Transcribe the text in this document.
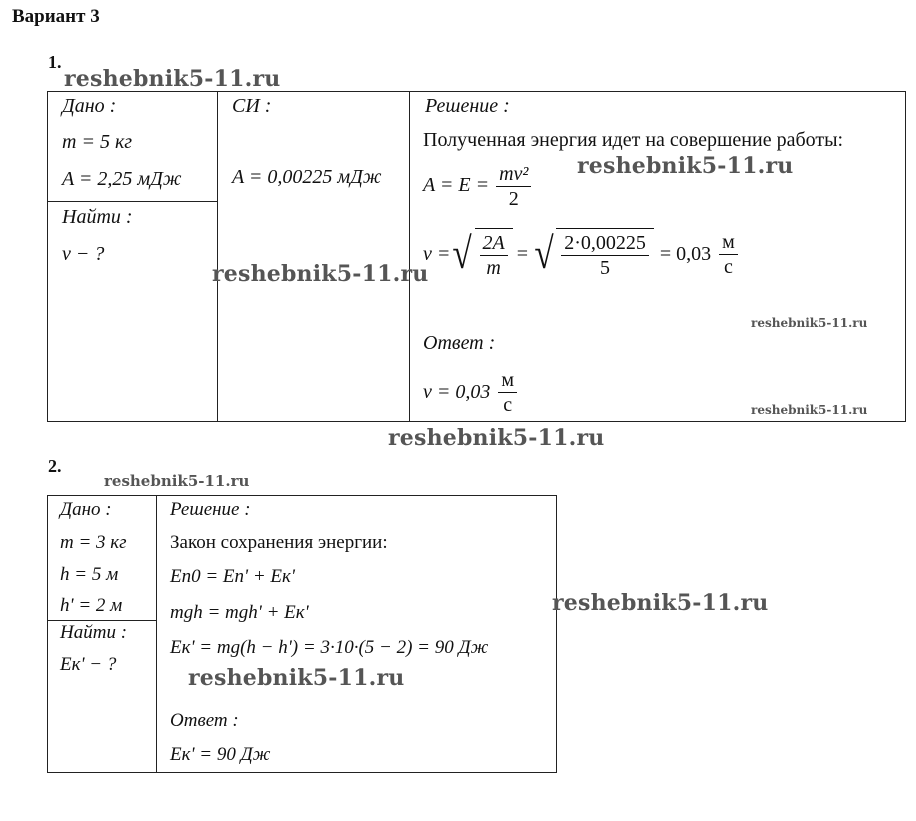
Вариант 3
1.
Дано :
m = 5 кг
A = 2,25 мДж
Найти :
v − ?
СИ :
A = 0,00225 мДж
Решение :
Полученная энергия идет на совершение работы:
$A = E = \frac{\text{mv²}}{2}$
v = √ $\frac{2A}{m}$ = √ $\frac{2\cdot 0,00225}{5} = 0,03 \frac{м}{с}$
Ответ :
$v = 0,03 \frac{м}{с}$
2.
Дано :
m = 3 кг
h = 5 м
h' = 2 м
Найти :
Eк' − ?
Решение :
Закон сохранения энергии:
Eп0 = Eп' + Eк'
mgh = mgh' + Eк'
Eк' = mg(h − h') = 3·10·(5 − 2) = 90 Дж
Ответ :
Eк' = 90 Дж
reshebnik5-11.ru
reshebnik5-11.ru
reshebnik5-11.ru
reshebnik5-11.ru
reshebnik5-11.ru
reshebnik5-11.ru
reshebnik5-11.ru
reshebnik5-11.ru
reshebnik5-11.ru
